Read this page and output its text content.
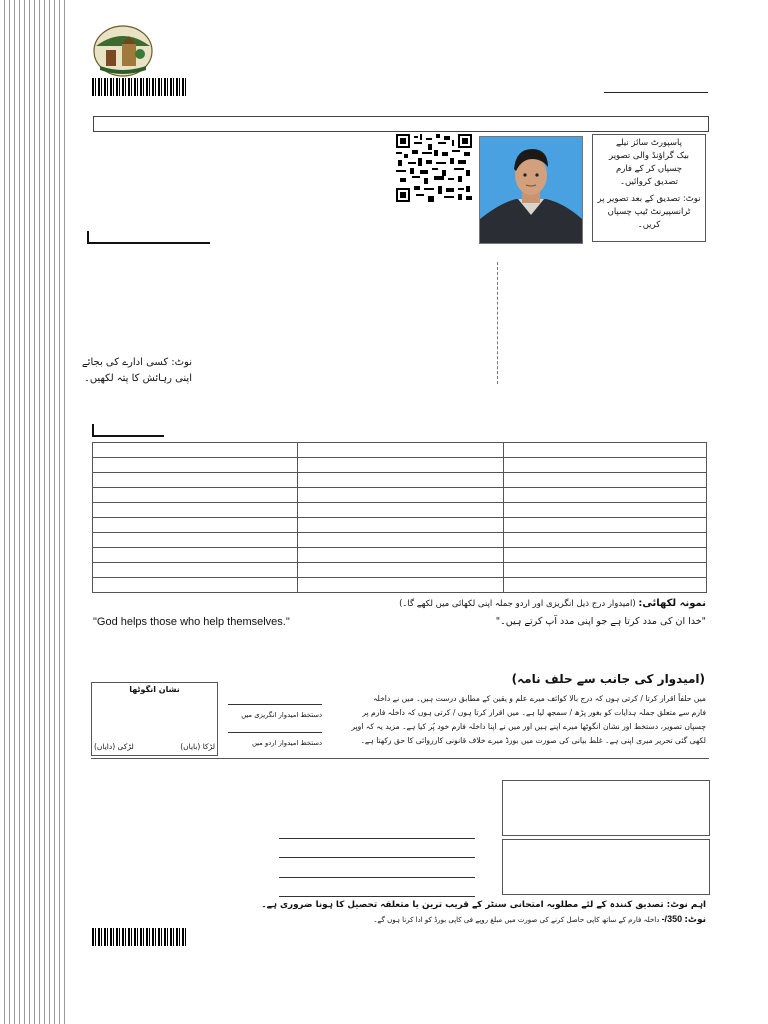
پاسپورٹ سائز نیلے
بیک گراؤنڈ والی تصویر
چسپاں کر کے فارم
تصدیق کروائیں۔
نوٹ: تصدیق کے بعد تصویر پر ٹرانسپیرنٹ ٹیپ چسپاں کریں۔
نوٹ: کسی ادارے کی بجائے
اپنی رہائش کا پتہ لکھیں۔

نمونہ لکھائی: (امیدوار درج ذیل انگریزی اور اردو جملہ اپنی لکھائی میں لکھے گا۔)
"God helps those who help themselves."	"خدا ان کی مدد کرتا ہے جو اپنی مدد آپ کرتے ہیں۔"
(امیدوار کی جانب سے حلف نامہ)
میں حلفاً اقرار کرتا / کرتی ہوں کہ درج بالا کوائف میرے علم و یقین کے مطابق درست ہیں۔ میں نے داخلہ
فارم سے متعلق جملہ ہدایات کو بغور پڑھ / سمجھ لیا ہے۔ میں اقرار کرتا ہوں / کرتی ہوں کہ داخلہ فارم پر
چسپاں تصویر، دستخط اور نشان انگوٹھا میرے اپنے ہیں اور میں نے اپنا داخلہ فارم خود پُر کیا ہے۔ مزید یہ کہ اوپر
لکھی گئی تحریر میری اپنی ہے۔ غلط بیانی کی صورت میں بورڈ میرے خلاف قانونی کارروائی کا حق رکھتا ہے۔
دستخط امیدوار انگریزی میں
دستخط امیدوار اردو میں
نشان انگوٹھا
لڑکا (بایاں)
لڑکی (دایاں)
اہم نوٹ: تصدیق کنندہ کے لئے مطلوبہ امتحانی سنٹر کے قریب ترین یا متعلقہ تحصیل کا ہونا ضروری ہے۔
نوٹ: 350/- داخلہ فارم کے ساتھ کاپی حاصل کرنے کی صورت میں مبلغ روپے فی کاپی بورڈ کو ادا کرنا ہوں گے۔
